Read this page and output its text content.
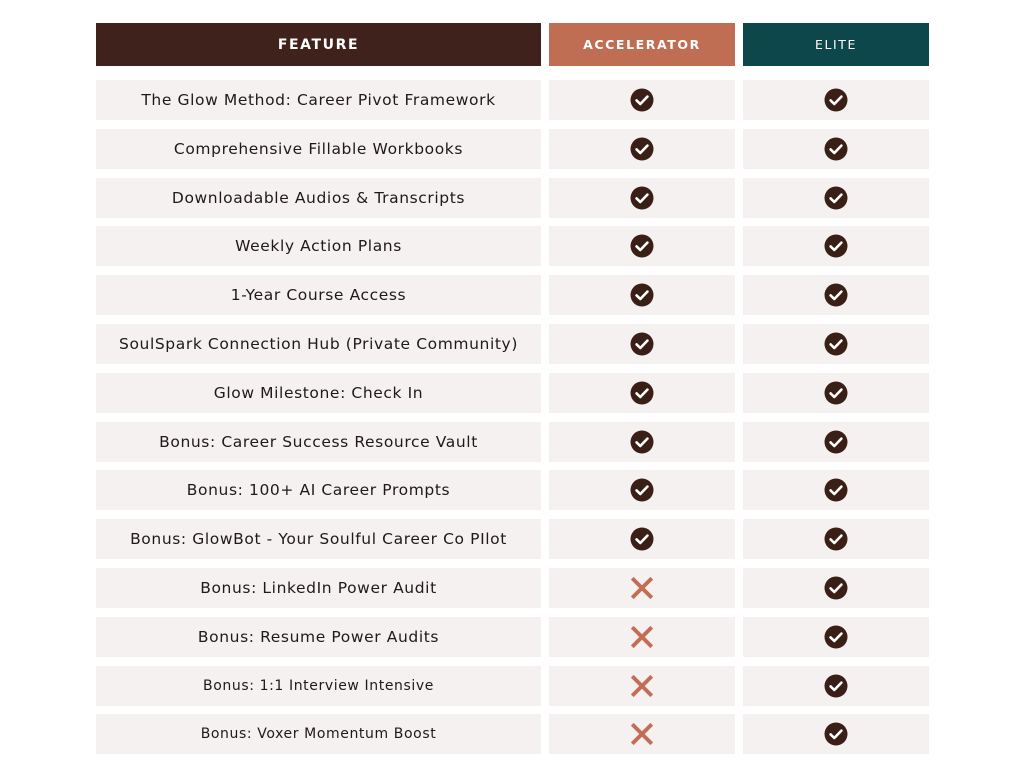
FEATURE	ACCELERATOR	ELITE
The Glow Method: Career Pivot Framework
Comprehensive Fillable Workbooks
Downloadable Audios & Transcripts
Weekly Action Plans
1-Year Course Access
SoulSpark Connection Hub (Private Community)
Glow Milestone: Check In
Bonus: Career Success Resource Vault
Bonus: 100+ AI Career Prompts
Bonus: GlowBot - Your Soulful Career Co PIlot
Bonus: LinkedIn Power Audit
Bonus: Resume Power Audits
Bonus: 1:1 Interview Intensive
Bonus: Voxer Momentum Boost
